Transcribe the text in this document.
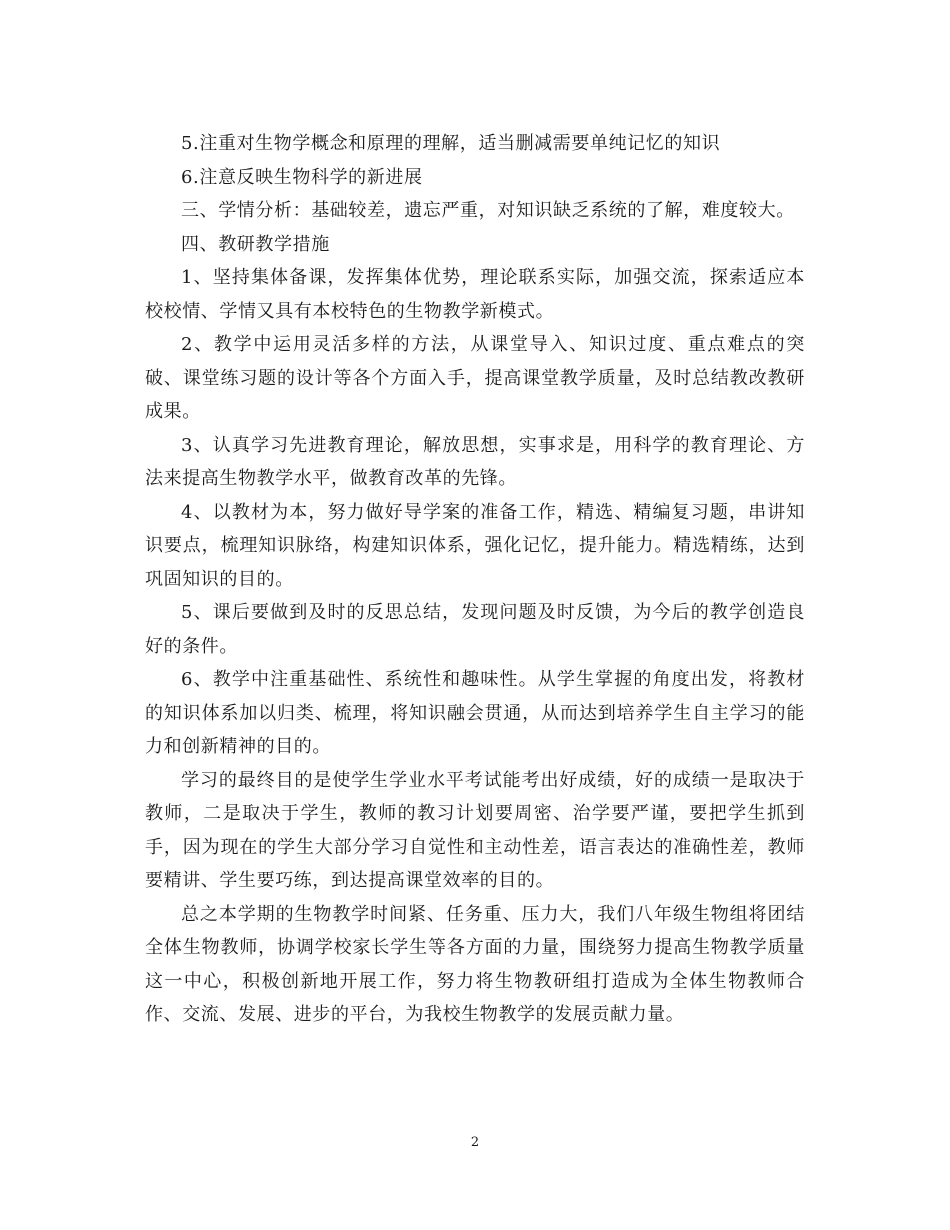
5.注重对生物学概念和原理的理解，适当删减需要单纯记忆的知识

6.注意反映生物科学的新进展

三、学情分析：基础较差，遗忘严重，对知识缺乏系统的了解，难度较大。

四、教研教学措施

1、坚持集体备课，发挥集体优势，理论联系实际，加强交流，探索适应本校校情、学情又具有本校特色的生物教学新模式。

2、教学中运用灵活多样的方法，从课堂导入、知识过度、重点难点的突破、课堂练习题的设计等各个方面入手，提高课堂教学质量，及时总结教改教研成果。

3、认真学习先进教育理论，解放思想，实事求是，用科学的教育理论、方法来提高生物教学水平，做教育改革的先锋。

4、以教材为本，努力做好导学案的准备工作，精选、精编复习题，串讲知识要点，梳理知识脉络，构建知识体系，强化记忆，提升能力。精选精练，达到巩固知识的目的。

5、课后要做到及时的反思总结，发现问题及时反馈，为今后的教学创造良好的条件。

6、教学中注重基础性、系统性和趣味性。从学生掌握的角度出发，将教材的知识体系加以归类、梳理，将知识融会贯通，从而达到培养学生自主学习的能力和创新精神的目的。

学习的最终目的是使学生学业水平考试能考出好成绩，好的成绩一是取决于教师，二是取决于学生，教师的教习计划要周密、治学要严谨，要把学生抓到手，因为现在的学生大部分学习自觉性和主动性差，语言表达的准确性差，教师要精讲、学生要巧练，到达提高课堂效率的目的。

总之本学期的生物教学时间紧、任务重、压力大，我们八年级生物组将团结全体生物教师，协调学校家长学生等各方面的力量，围绕努力提高生物教学质量这一中心，积极创新地开展工作，努力将生物教研组打造成为全体生物教师合作、交流、发展、进步的平台，为我校生物教学的发展贡献力量。

2
